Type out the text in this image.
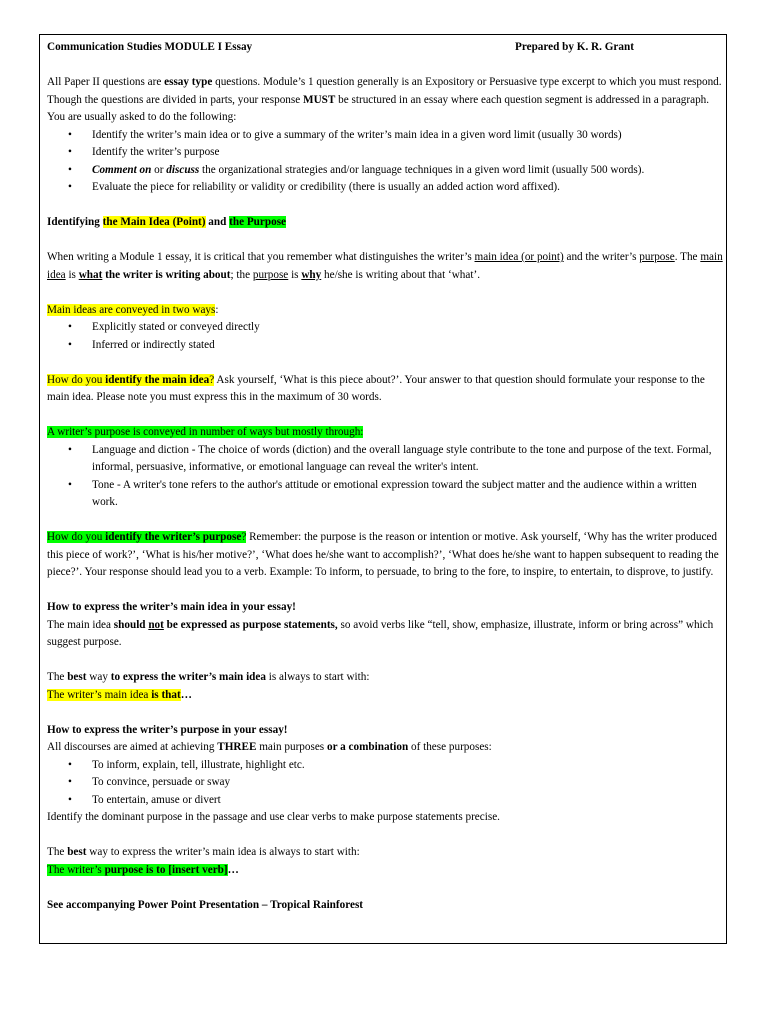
Communication Studies MODULE I Essay	Prepared by K. R. Grant

All Paper II questions are essay type questions. Module’s 1 question generally is an Expository or Persuasive type excerpt to which you must respond. Though the questions are divided in parts, your response MUST be structured in an essay where each question segment is addressed in a paragraph. You are usually asked to do the following:

• Identify the writer’s main idea or to give a summary of the writer’s main idea in a given word limit (usually 30 words)
• Identify the writer’s purpose
• Comment on or discuss the organizational strategies and/or language techniques in a given word limit (usually 500 words).
• Evaluate the piece for reliability or validity or credibility (there is usually an added action word affixed).

Identifying the Main Idea (Point) and the Purpose

When writing a Module 1 essay, it is critical that you remember what distinguishes the writer’s main idea (or point) and the writer’s purpose. The main idea is what the writer is writing about; the purpose is why he/she is writing about that ‘what’.

Main ideas are conveyed in two ways:

• Explicitly stated or conveyed directly
• Inferred or indirectly stated

How do you identify the main idea? Ask yourself, ‘What is this piece about?’. Your answer to that question should formulate your response to the main idea. Please note you must express this in the maximum of 30 words.

A writer’s purpose is conveyed in number of ways but mostly through:

• Language and diction - The choice of words (diction) and the overall language style contribute to the tone and purpose of the text. Formal, informal, persuasive, informative, or emotional language can reveal the writer's intent.
• Tone - A writer's tone refers to the author's attitude or emotional expression toward the subject matter and the audience within a written work.

How do you identify the writer’s purpose? Remember: the purpose is the reason or intention or motive. Ask yourself, ‘Why has the writer produced this piece of work?’, ‘What is his/her motive?’, ‘What does he/she want to accomplish?’, ‘What does he/she want to happen subsequent to reading the piece?’. Your response should lead you to a verb. Example: To inform, to persuade, to bring to the fore, to inspire, to entertain, to disprove, to justify.

How to express the writer’s main idea in your essay!

The main idea should not be expressed as purpose statements, so avoid verbs like “tell, show, emphasize, illustrate, inform or bring across” which suggest purpose.

The best way to express the writer’s main idea is always to start with:

The writer’s main idea is that…

How to express the writer’s purpose in your essay!

All discourses are aimed at achieving THREE main purposes or a combination of these purposes:

• To inform, explain, tell, illustrate, highlight etc.
• To convince, persuade or sway
• To entertain, amuse or divert

Identify the dominant purpose in the passage and use clear verbs to make purpose statements precise.

The best way to express the writer’s main idea is always to start with:

The writer’s purpose is to [insert verb]…

See accompanying Power Point Presentation – Tropical Rainforest
